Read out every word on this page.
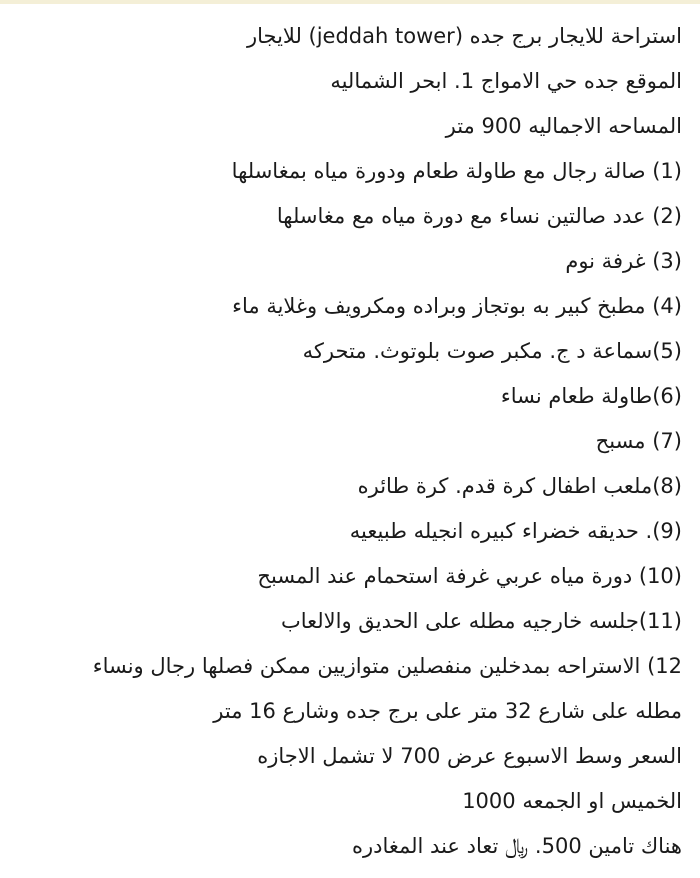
استراحة للايجار برج جده (jeddah tower) للايجار

الموقع جده حي الامواج 1. ابحر الشماليه

المساحه الاجماليه 900 متر

(1) صالة رجال مع طاولة طعام ودورة مياه بمغاسلها

(2) عدد صالتين نساء مع دورة مياه مع مغاسلها

(3) غرفة نوم

(4) مطبخ كبير به بوتجاز وبراده ومكرويف وغلاية ماء

(5)سماعة د ج. مكبر صوت بلوتوث. متحركه

(6)طاولة طعام نساء

(7) مسبح

(8)ملعب اطفال كرة قدم. كرة طائره

(9). حديقه خضراء كبيره انجيله طبيعيه

(10) دورة مياه عربي غرفة استحمام عند المسبح

(11)جلسه خارجيه مطله على الحديق والالعاب

12) الاستراحه بمدخلين منفصلين متوازيين ممكن فصلها رجال ونساء

مطله على شارع 32 متر على برج جده وشارع 16 متر

السعر وسط الاسبوع عرض 700 لا تشمل الاجازه

الخميس او الجمعه 1000

هناك تامين 500. ﷼ تعاد عند المغادره
